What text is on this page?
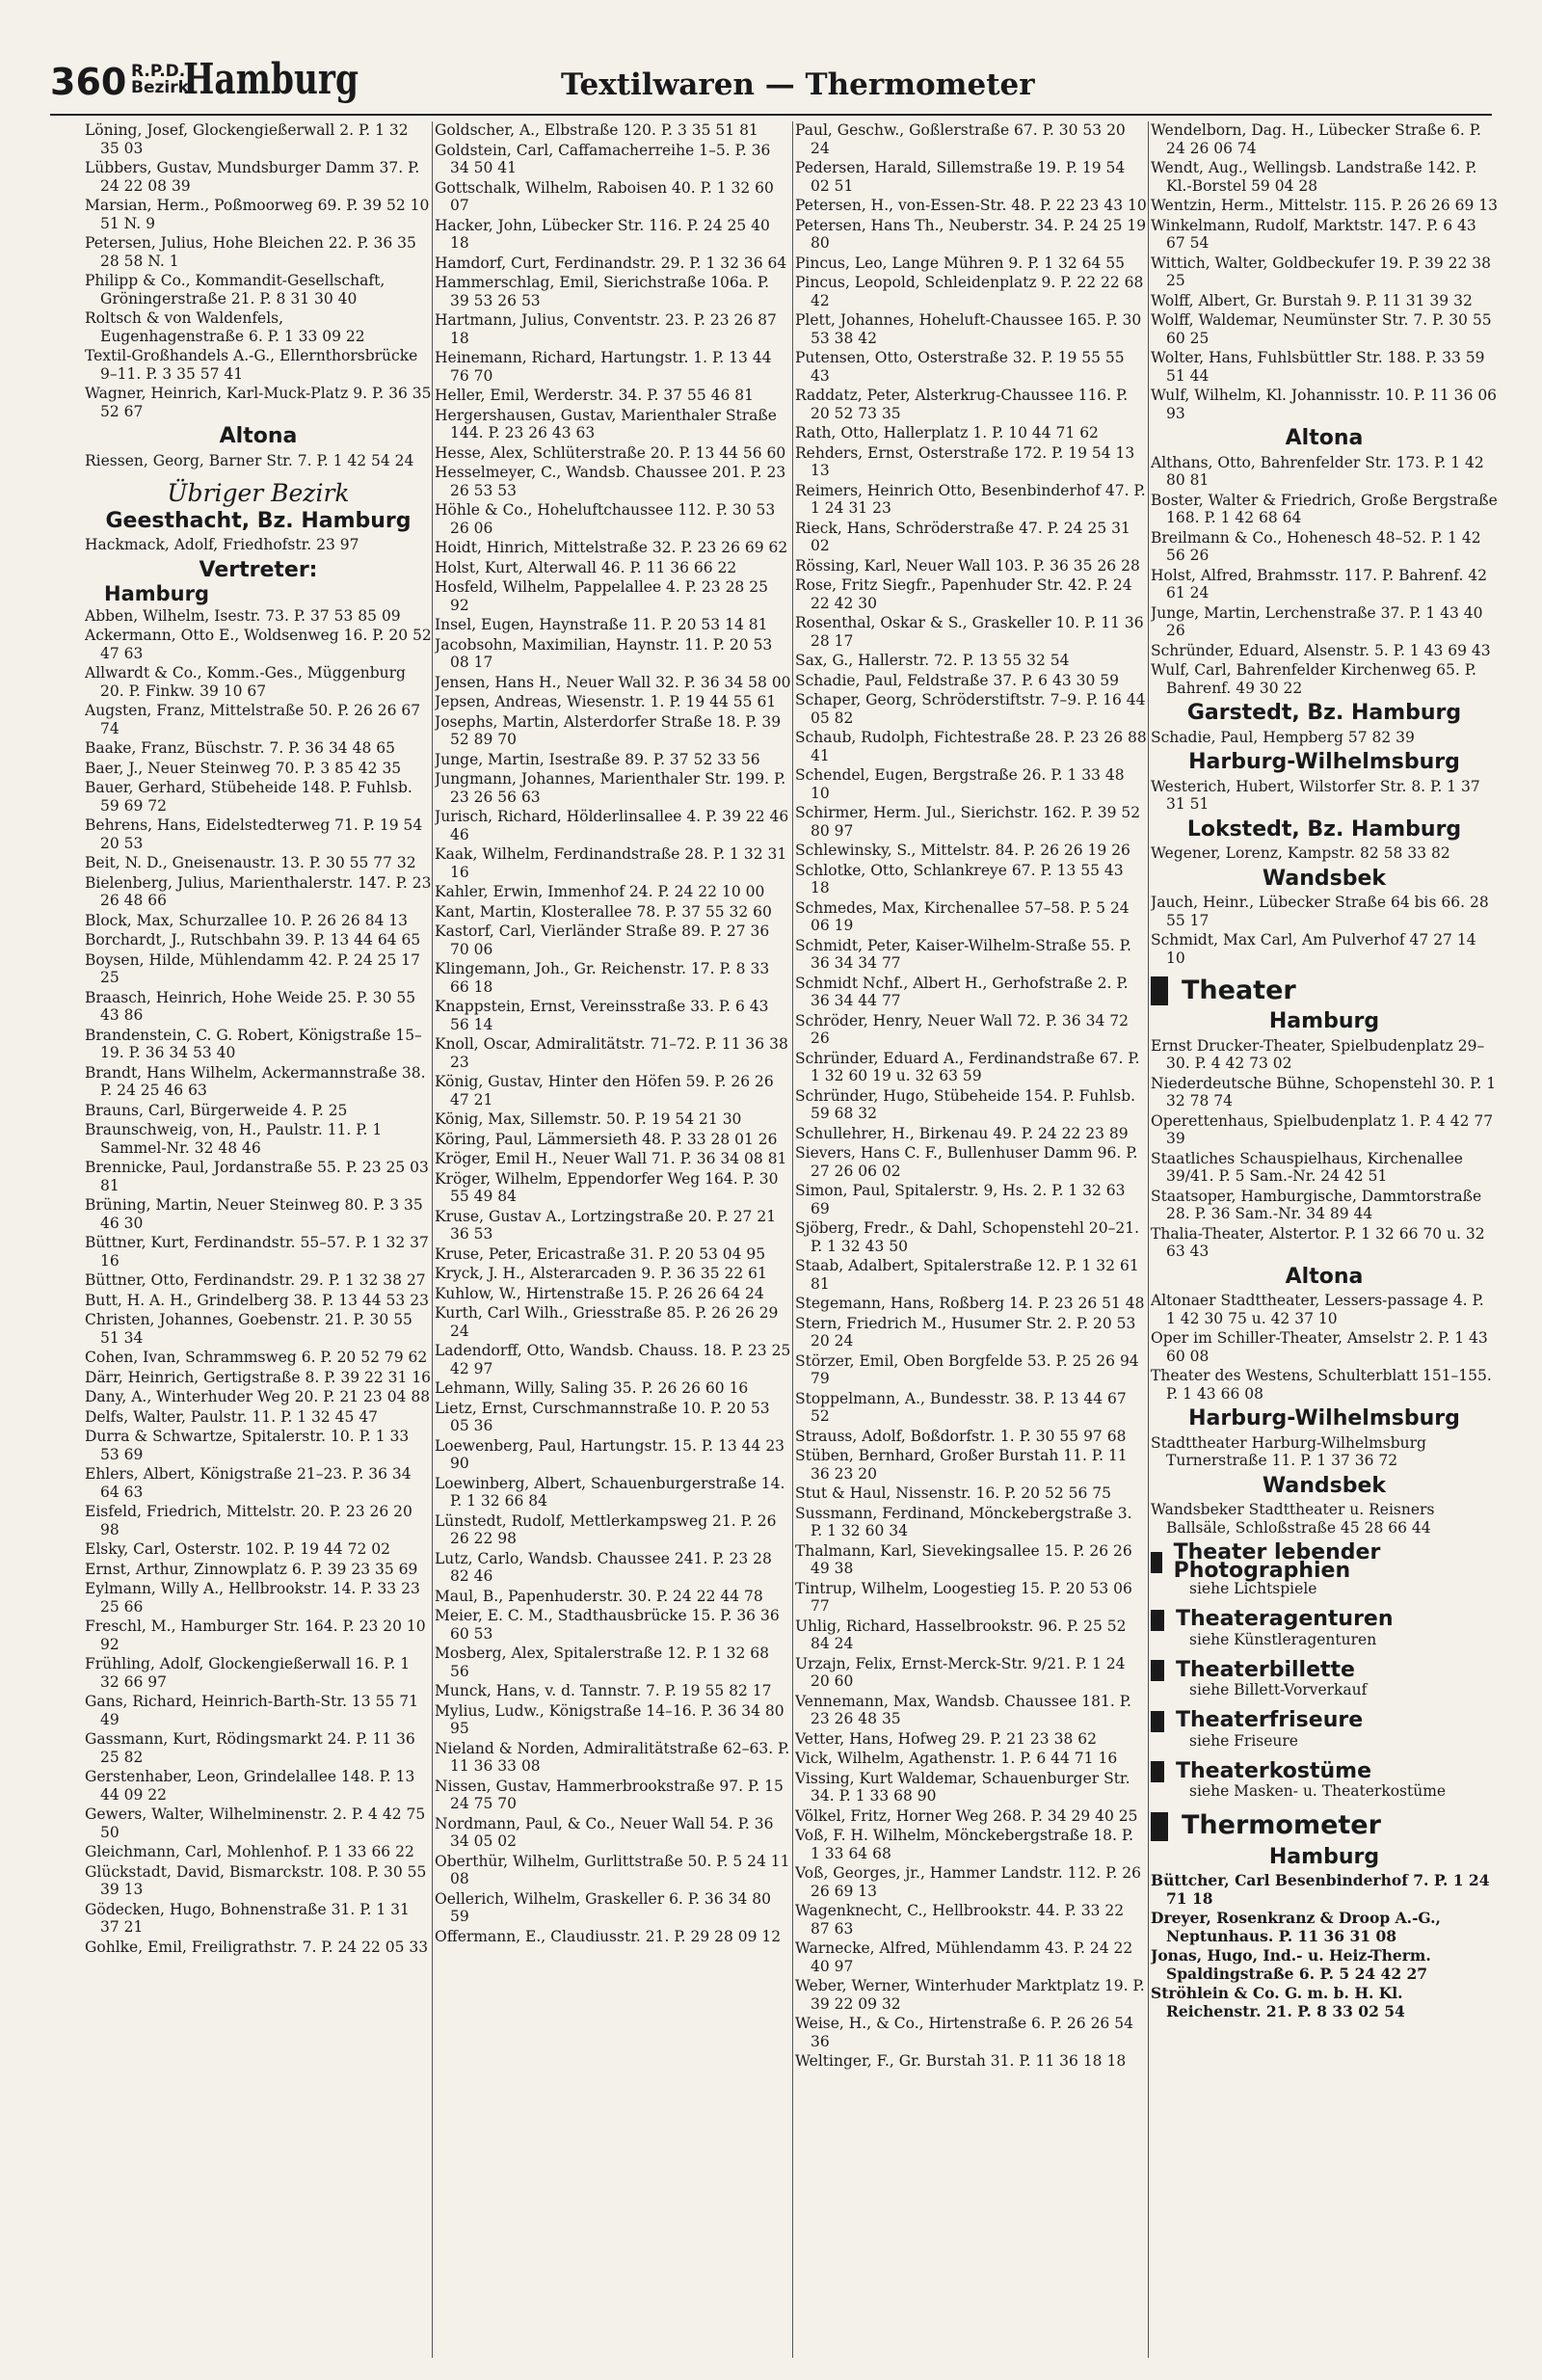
360 R.P.D.
Bezirk
Hamburg	Textilwaren — Thermometer
Löning, Josef, Glockengießerwall 2. P. 1 32 35 03
Lübbers, Gustav, Mundsburger Damm 37. P. 24 22 08 39
Marsian, Herm., Poßmoorweg 69. P. 39 52 10 51 N. 9
Petersen, Julius, Hohe Bleichen 22. P. 36 35 28 58 N. 1
Philipp & Co., Kommandit-Gesellschaft, Gröningerstraße 21. P. 8 31 30 40
Roltsch & von Waldenfels, Eugenhagenstraße 6. P. 1 33 09 22
Textil-Großhandels A.-G., Ellernthorsbrücke 9–11. P. 3 35 57 41
Wagner, Heinrich, Karl-Muck-Platz 9. P. 36 35 52 67
Altona
Riessen, Georg, Barner Str. 7. P. 1 42 54 24
Übriger Bezirk
Geesthacht, Bz. Hamburg
Hackmack, Adolf, Friedhofstr. 23 97
Vertreter:
Hamburg
Abben, Wilhelm, Isestr. 73. P. 37 53 85 09
Ackermann, Otto E., Woldsenweg 16. P. 20 52 47 63
Allwardt & Co., Komm.-Ges., Müggenburg 20. P. Finkw. 39 10 67
Augsten, Franz, Mittelstraße 50. P. 26 26 67 74
Baake, Franz, Büschstr. 7. P. 36 34 48 65
Baer, J., Neuer Steinweg 70. P. 3 85 42 35
Bauer, Gerhard, Stübeheide 148. P. Fuhlsb. 59 69 72
Behrens, Hans, Eidelstedterweg 71. P. 19 54 20 53
Beit, N. D., Gneisenaustr. 13. P. 30 55 77 32
Bielenberg, Julius, Marienthalerstr. 147. P. 23 26 48 66
Block, Max, Schurzallee 10. P. 26 26 84 13
Borchardt, J., Rutschbahn 39. P. 13 44 64 65
Boysen, Hilde, Mühlendamm 42. P. 24 25 17 25
Braasch, Heinrich, Hohe Weide 25. P. 30 55 43 86
Brandenstein, C. G. Robert, Königstraße 15–19. P. 36 34 53 40
Brandt, Hans Wilhelm, Ackermannstraße 38. P. 24 25 46 63
Brauns, Carl, Bürgerweide 4. P. 25
Braunschweig, von, H., Paulstr. 11. P. 1 Sammel-Nr. 32 48 46
Brennicke, Paul, Jordanstraße 55. P. 23 25 03 81
Brüning, Martin, Neuer Steinweg 80. P. 3 35 46 30
Büttner, Kurt, Ferdinandstr. 55–57. P. 1 32 37 16
Büttner, Otto, Ferdinandstr. 29. P. 1 32 38 27
Butt, H. A. H., Grindelberg 38. P. 13 44 53 23
Christen, Johannes, Goebenstr. 21. P. 30 55 51 34
Cohen, Ivan, Schrammsweg 6. P. 20 52 79 62
Därr, Heinrich, Gertigstraße 8. P. 39 22 31 16
Dany, A., Winterhuder Weg 20. P. 21 23 04 88
Delfs, Walter, Paulstr. 11. P. 1 32 45 47
Durra & Schwartze, Spitalerstr. 10. P. 1 33 53 69
Ehlers, Albert, Königstraße 21–23. P. 36 34 64 63
Eisfeld, Friedrich, Mittelstr. 20. P. 23 26 20 98
Elsky, Carl, Osterstr. 102. P. 19 44 72 02
Ernst, Arthur, Zinnowplatz 6. P. 39 23 35 69
Eylmann, Willy A., Hellbrookstr. 14. P. 33 23 25 66
Freschl, M., Hamburger Str. 164. P. 23 20 10 92
Frühling, Adolf, Glockengießerwall 16. P. 1 32 66 97
Gans, Richard, Heinrich-Barth-Str. 13 55 71 49
Gassmann, Kurt, Rödingsmarkt 24. P. 11 36 25 82
Gerstenhaber, Leon, Grindelallee 148. P. 13 44 09 22
Gewers, Walter, Wilhelminenstr. 2. P. 4 42 75 50
Gleichmann, Carl, Mohlenhof. P. 1 33 66 22
Glückstadt, David, Bismarckstr. 108. P. 30 55 39 13
Gödecken, Hugo, Bohnenstraße 31. P. 1 31 37 21
Gohlke, Emil, Freiligrathstr. 7. P. 24 22 05 33
Goldscher, A., Elbstraße 120. P. 3 35 51 81
Goldstein, Carl, Caffamacherreihe 1–5. P. 36 34 50 41
Gottschalk, Wilhelm, Raboisen 40. P. 1 32 60 07
Hacker, John, Lübecker Str. 116. P. 24 25 40 18
Hamdorf, Curt, Ferdinandstr. 29. P. 1 32 36 64
Hammerschlag, Emil, Sierichstraße 106a. P. 39 53 26 53
Hartmann, Julius, Conventstr. 23. P. 23 26 87 18
Heinemann, Richard, Hartungstr. 1. P. 13 44 76 70
Heller, Emil, Werderstr. 34. P. 37 55 46 81
Hergershausen, Gustav, Marienthaler Straße 144. P. 23 26 43 63
Hesse, Alex, Schlüterstraße 20. P. 13 44 56 60
Hesselmeyer, C., Wandsb. Chaussee 201. P. 23 26 53 53
Höhle & Co., Hoheluftchaussee 112. P. 30 53 26 06
Hoidt, Hinrich, Mittelstraße 32. P. 23 26 69 62
Holst, Kurt, Alterwall 46. P. 11 36 66 22
Hosfeld, Wilhelm, Pappelallee 4. P. 23 28 25 92
Insel, Eugen, Haynstraße 11. P. 20 53 14 81
Jacobsohn, Maximilian, Haynstr. 11. P. 20 53 08 17
Jensen, Hans H., Neuer Wall 32. P. 36 34 58 00
Jepsen, Andreas, Wiesenstr. 1. P. 19 44 55 61
Josephs, Martin, Alsterdorfer Straße 18. P. 39 52 89 70
Junge, Martin, Isestraße 89. P. 37 52 33 56
Jungmann, Johannes, Marienthaler Str. 199. P. 23 26 56 63
Jurisch, Richard, Hölderlinsallee 4. P. 39 22 46 46
Kaak, Wilhelm, Ferdinandstraße 28. P. 1 32 31 16
Kahler, Erwin, Immenhof 24. P. 24 22 10 00
Kant, Martin, Klosterallee 78. P. 37 55 32 60
Kastorf, Carl, Vierländer Straße 89. P. 27 36 70 06
Klingemann, Joh., Gr. Reichenstr. 17. P. 8 33 66 18
Knappstein, Ernst, Vereinsstraße 33. P. 6 43 56 14
Knoll, Oscar, Admiralitätstr. 71–72. P. 11 36 38 23
König, Gustav, Hinter den Höfen 59. P. 26 26 47 21
König, Max, Sillemstr. 50. P. 19 54 21 30
Köring, Paul, Lämmersieth 48. P. 33 28 01 26
Kröger, Emil H., Neuer Wall 71. P. 36 34 08 81
Kröger, Wilhelm, Eppendorfer Weg 164. P. 30 55 49 84
Kruse, Gustav A., Lortzingstraße 20. P. 27 21 36 53
Kruse, Peter, Ericastraße 31. P. 20 53 04 95
Kryck, J. H., Alsterarcaden 9. P. 36 35 22 61
Kuhlow, W., Hirtenstraße 15. P. 26 26 64 24
Kurth, Carl Wilh., Griesstraße 85. P. 26 26 29 24
Ladendorff, Otto, Wandsb. Chauss. 18. P. 23 25 42 97
Lehmann, Willy, Saling 35. P. 26 26 60 16
Lietz, Ernst, Curschmannstraße 10. P. 20 53 05 36
Loewenberg, Paul, Hartungstr. 15. P. 13 44 23 90
Loewinberg, Albert, Schauenburgerstraße 14. P. 1 32 66 84
Lünstedt, Rudolf, Mettlerkampsweg 21. P. 26 26 22 98
Lutz, Carlo, Wandsb. Chaussee 241. P. 23 28 82 46
Maul, B., Papenhuderstr. 30. P. 24 22 44 78
Meier, E. C. M., Stadthausbrücke 15. P. 36 36 60 53
Mosberg, Alex, Spitalerstraße 12. P. 1 32 68 56
Munck, Hans, v. d. Tannstr. 7. P. 19 55 82 17
Mylius, Ludw., Königstraße 14–16. P. 36 34 80 95
Nieland & Norden, Admiralitätstraße 62–63. P. 11 36 33 08
Nissen, Gustav, Hammerbrookstraße 97. P. 15 24 75 70
Nordmann, Paul, & Co., Neuer Wall 54. P. 36 34 05 02
Oberthür, Wilhelm, Gurlittstraße 50. P. 5 24 11 08
Oellerich, Wilhelm, Graskeller 6. P. 36 34 80 59
Offermann, E., Claudiusstr. 21. P. 29 28 09 12
Paul, Geschw., Goßlerstraße 67. P. 30 53 20 24
Pedersen, Harald, Sillemstraße 19. P. 19 54 02 51
Petersen, H., von-Essen-Str. 48. P. 22 23 43 10
Petersen, Hans Th., Neuberstr. 34. P. 24 25 19 80
Pincus, Leo, Lange Mühren 9. P. 1 32 64 55
Pincus, Leopold, Schleidenplatz 9. P. 22 22 68 42
Plett, Johannes, Hoheluft-Chaussee 165. P. 30 53 38 42
Putensen, Otto, Osterstraße 32. P. 19 55 55 43
Raddatz, Peter, Alsterkrug-Chaussee 116. P. 20 52 73 35
Rath, Otto, Hallerplatz 1. P. 10 44 71 62
Rehders, Ernst, Osterstraße 172. P. 19 54 13 13
Reimers, Heinrich Otto, Besenbinderhof 47. P. 1 24 31 23
Rieck, Hans, Schröderstraße 47. P. 24 25 31 02
Rössing, Karl, Neuer Wall 103. P. 36 35 26 28
Rose, Fritz Siegfr., Papenhuder Str. 42. P. 24 22 42 30
Rosenthal, Oskar & S., Graskeller 10. P. 11 36 28 17
Sax, G., Hallerstr. 72. P. 13 55 32 54
Schadie, Paul, Feldstraße 37. P. 6 43 30 59
Schaper, Georg, Schröderstiftstr. 7–9. P. 16 44 05 82
Schaub, Rudolph, Fichtestraße 28. P. 23 26 88 41
Schendel, Eugen, Bergstraße 26. P. 1 33 48 10
Schirmer, Herm. Jul., Sierichstr. 162. P. 39 52 80 97
Schlewinsky, S., Mittelstr. 84. P. 26 26 19 26
Schlotke, Otto, Schlankreye 67. P. 13 55 43 18
Schmedes, Max, Kirchenallee 57–58. P. 5 24 06 19
Schmidt, Peter, Kaiser-Wilhelm-Straße 55. P. 36 34 34 77
Schmidt Nchf., Albert H., Gerhofstraße 2. P. 36 34 44 77
Schröder, Henry, Neuer Wall 72. P. 36 34 72 26
Schründer, Eduard A., Ferdinandstraße 67. P. 1 32 60 19 u. 32 63 59
Schründer, Hugo, Stübeheide 154. P. Fuhlsb. 59 68 32
Schullehrer, H., Birkenau 49. P. 24 22 23 89
Sievers, Hans C. F., Bullenhuser Damm 96. P. 27 26 06 02
Simon, Paul, Spitalerstr. 9, Hs. 2. P. 1 32 63 69
Sjöberg, Fredr., & Dahl, Schopenstehl 20–21. P. 1 32 43 50
Staab, Adalbert, Spitalerstraße 12. P. 1 32 61 81
Stegemann, Hans, Roßberg 14. P. 23 26 51 48
Stern, Friedrich M., Husumer Str. 2. P. 20 53 20 24
Störzer, Emil, Oben Borgfelde 53. P. 25 26 94 79
Stoppelmann, A., Bundesstr. 38. P. 13 44 67 52
Strauss, Adolf, Boßdorfstr. 1. P. 30 55 97 68
Stüben, Bernhard, Großer Burstah 11. P. 11 36 23 20
Stut & Haul, Nissenstr. 16. P. 20 52 56 75
Sussmann, Ferdinand, Mönckebergstraße 3. P. 1 32 60 34
Thalmann, Karl, Sievekingsallee 15. P. 26 26 49 38
Tintrup, Wilhelm, Loogestieg 15. P. 20 53 06 77
Uhlig, Richard, Hasselbrookstr. 96. P. 25 52 84 24
Urzajn, Felix, Ernst-Merck-Str. 9/21. P. 1 24 20 60
Vennemann, Max, Wandsb. Chaussee 181. P. 23 26 48 35
Vetter, Hans, Hofweg 29. P. 21 23 38 62
Vick, Wilhelm, Agathenstr. 1. P. 6 44 71 16
Vissing, Kurt Waldemar, Schauenburger Str. 34. P. 1 33 68 90
Völkel, Fritz, Horner Weg 268. P. 34 29 40 25
Voß, F. H. Wilhelm, Mönckebergstraße 18. P. 1 33 64 68
Voß, Georges, jr., Hammer Landstr. 112. P. 26 26 69 13
Wagenknecht, C., Hellbrookstr. 44. P. 33 22 87 63
Warnecke, Alfred, Mühlendamm 43. P. 24 22 40 97
Weber, Werner, Winterhuder Marktplatz 19. P. 39 22 09 32
Weise, H., & Co., Hirtenstraße 6. P. 26 26 54 36
Weltinger, F., Gr. Burstah 31. P. 11 36 18 18
Wendelborn, Dag. H., Lübecker Straße 6. P. 24 26 06 74
Wendt, Aug., Wellingsb. Landstraße 142. P. Kl.-Borstel 59 04 28
Wentzin, Herm., Mittelstr. 115. P. 26 26 69 13
Winkelmann, Rudolf, Marktstr. 147. P. 6 43 67 54
Wittich, Walter, Goldbeckufer 19. P. 39 22 38 25
Wolff, Albert, Gr. Burstah 9. P. 11 31 39 32
Wolff, Waldemar, Neumünster Str. 7. P. 30 55 60 25
Wolter, Hans, Fuhlsbüttler Str. 188. P. 33 59 51 44
Wulf, Wilhelm, Kl. Johannisstr. 10. P. 11 36 06 93
Altona
Althans, Otto, Bahrenfelder Str. 173. P. 1 42 80 81
Boster, Walter & Friedrich, Große Bergstraße 168. P. 1 42 68 64
Breilmann & Co., Hohenesch 48–52. P. 1 42 56 26
Holst, Alfred, Brahmsstr. 117. P. Bahrenf. 42 61 24
Junge, Martin, Lerchenstraße 37. P. 1 43 40 26
Schründer, Eduard, Alsenstr. 5. P. 1 43 69 43
Wulf, Carl, Bahrenfelder Kirchenweg 65. P. Bahrenf. 49 30 22
Garstedt, Bz. Hamburg
Schadie, Paul, Hempberg 57 82 39
Harburg-Wilhelmsburg
Westerich, Hubert, Wilstorfer Str. 8. P. 1 37 31 51
Lokstedt, Bz. Hamburg
Wegener, Lorenz, Kampstr. 82 58 33 82
Wandsbek
Jauch, Heinr., Lübecker Straße 64 bis 66. 28 55 17
Schmidt, Max Carl, Am Pulverhof 47 27 14 10
Theater
Hamburg
Ernst Drucker-Theater, Spielbudenplatz 29–30. P. 4 42 73 02
Niederdeutsche Bühne, Schopenstehl 30. P. 1 32 78 74
Operettenhaus, Spielbudenplatz 1. P. 4 42 77 39
Staatliches Schauspielhaus, Kirchenallee 39/41. P. 5 Sam.-Nr. 24 42 51
Staatsoper, Hamburgische, Dammtorstraße 28. P. 36 Sam.-Nr. 34 89 44
Thalia-Theater, Alstertor. P. 1 32 66 70 u. 32 63 43
Altona
Altonaer Stadttheater, Lessers-passage 4. P. 1 42 30 75 u. 42 37 10
Oper im Schiller-Theater, Amselstr 2. P. 1 43 60 08
Theater des Westens, Schulterblatt 151–155. P. 1 43 66 08
Harburg-Wilhelmsburg
Stadttheater Harburg-Wilhelmsburg Turnerstraße 11. P. 1 37 36 72
Wandsbek
Wandsbeker Stadttheater u. Reisners Ballsäle, Schloßstraße 45 28 66 44
Theater lebender Photographien
siehe Lichtspiele
Theateragenturen
siehe Künstleragenturen
Theaterbillette
siehe Billett-Vorverkauf
Theaterfriseure
siehe Friseure
Theaterkostüme
siehe Masken- u. Theaterkostüme
Thermometer
Hamburg
Büttcher, Carl Besenbinderhof 7. P. 1 24 71 18
Dreyer, Rosenkranz & Droop A.-G., Neptunhaus. P. 11 36 31 08
Jonas, Hugo, Ind.- u. Heiz-Therm. Spaldingstraße 6. P. 5 24 42 27
Ströhlein & Co. G. m. b. H. Kl. Reichenstr. 21. P. 8 33 02 54
